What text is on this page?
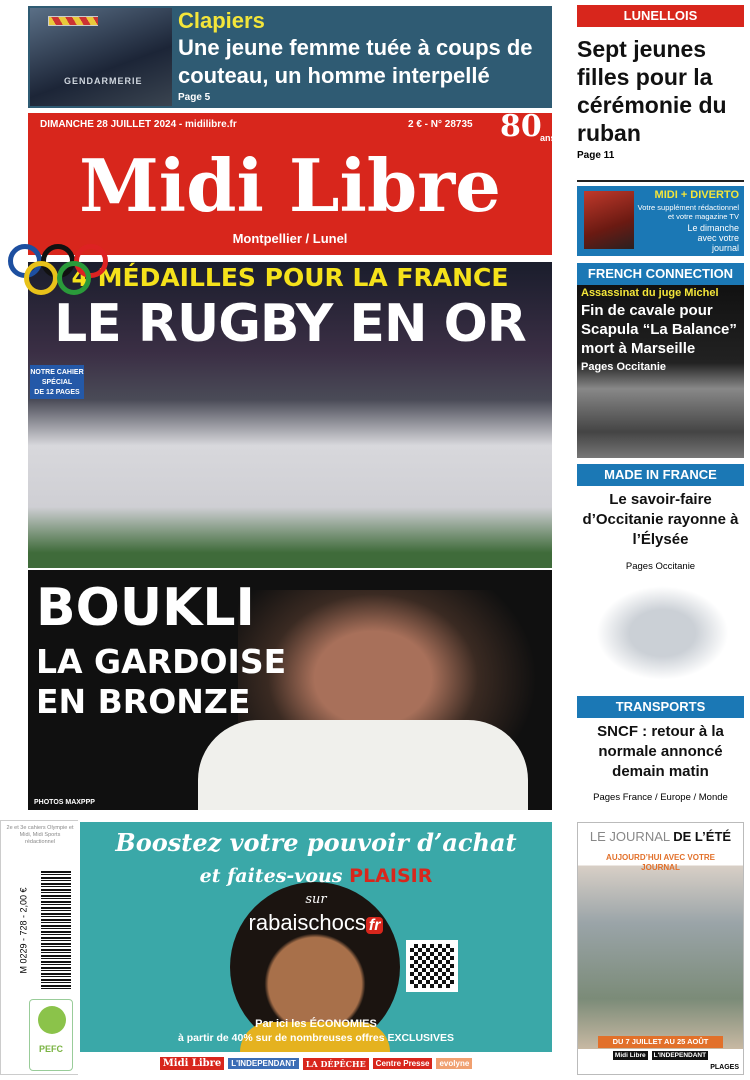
GENDARMERIE
Clapiers
Une jeune femme tuée à coups de couteau, un homme interpellé
Page 5
DIMANCHE 28 JUILLET 2024 - midilibre.fr	2 € - N° 28735 80
ans
Midi Libre
Montpellier / Lunel
4 MÉDAILLES POUR LA FRANCE
LE RUGBY EN OR
NOTRE CAHIER
SPÉCIAL
DE 12 PAGES
BOUKLI
LA GARDOISE
EN BRONZE
PHOTOS MAXPPP
LUNELLOIS
Sept jeunes filles pour la cérémonie du ruban
Page 11
MIDI + DIVERTO
Votre supplément rédactionnel et votre magazine TV
Le dimanche avec votre journal
FRENCH CONNECTION
Assassinat du juge Michel
Fin de cavale pour Scapula “La Balance” mort à Marseille
Pages Occitanie
MADE IN FRANCE
Le savoir-faire d’Occitanie rayonne à l’Élysée
Pages Occitanie
TRANSPORTS
SNCF : retour à la normale annoncé demain matin
Pages France / Europe / Monde
LE JOURNAL DE L’ÉTÉ
AUJOURD’HUI AVEC VOTRE JOURNAL
DU 7 JUILLET AU 25 AOÛT
Midi Libre	L'INDEPENDANT
PLAGES
2e et 3e cahiers Olympie et Midi, Midi Sports rédactionnel
M 0229 - 728 - 2,00 €
PEFC
Boostez votre pouvoir d’achat
et faites-vous PLAISIR
sur
rabaischocs fr
Par ici les ÉCONOMIES
à partir de 40% sur de nombreuses offres EXCLUSIVES
Midi Libre	L'INDEPENDANT	LA DÉPÊCHE	Centre Presse	evolyne
